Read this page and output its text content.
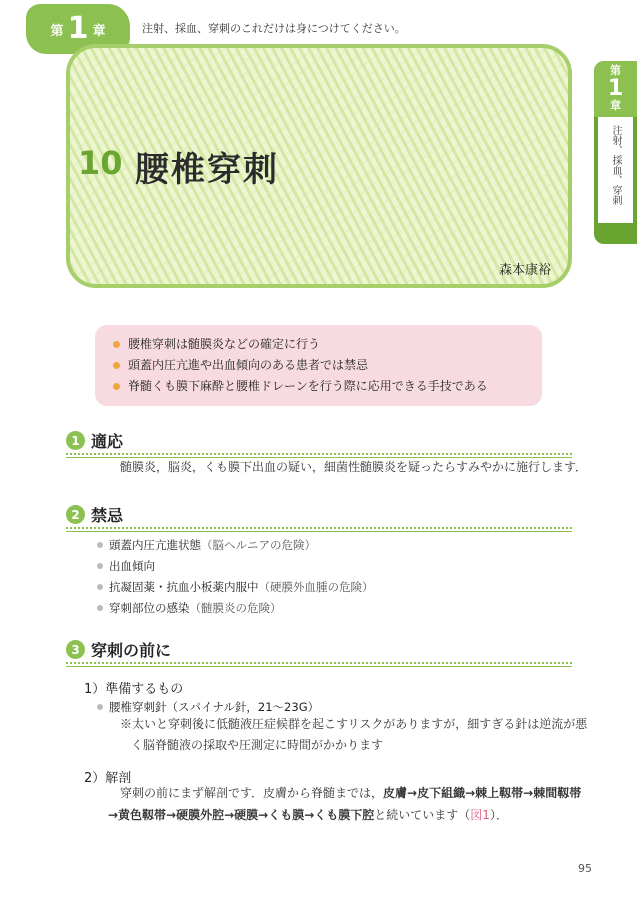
第 1 章	注射、採血、穿刺のこれだけは身につけてください。
第
1
章
注射、採血、穿刺
10 腰椎穿刺
森本康裕
腰椎穿刺は髄膜炎などの確定に行う
頭蓋内圧亢進や出血傾向のある患者では禁忌
脊髄くも膜下麻酔と腰椎ドレーンを行う際に応用できる手技である
1 適応
髄膜炎，脳炎，くも膜下出血の疑い，細菌性髄膜炎を疑ったらすみやかに施行します．
2 禁忌
頭蓋内圧亢進状態 （脳ヘルニアの危険）
出血傾向
抗凝固薬・抗血小板薬内服中 （硬膜外血腫の危険）
穿刺部位の感染 （髄膜炎の危険）
3 穿刺の前に
1）準備するもの
腰椎穿刺針（スパイナル針，21～23G）
※太いと穿刺後に低髄液圧症候群を起こすリスクがありますが，細すぎる針は逆流が悪
く脳脊髄液の採取や圧測定に時間がかかります
2）解剖
穿刺の前にまず解剖です．皮膚から脊髄までは，皮膚→皮下組織→棘上靱帯→棘間靱帯
→黄色靱帯→硬膜外腔→硬膜→くも膜→くも膜下腔と続いています（図1）．
95
